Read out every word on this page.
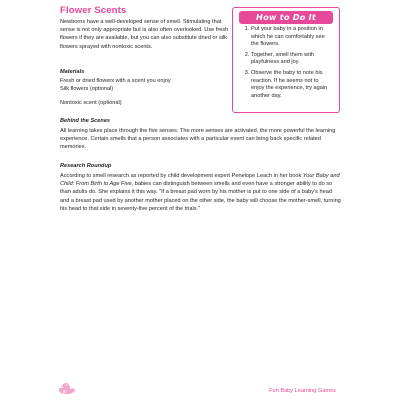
Flower Scents
Newborns have a well-developed sense of smell. Stimulating that sense is not only appropriate but is also often overlooked. Use fresh flowers if they are available, but you can also substitute dried or silk flowers sprayed with nontoxic scents.
Materials
Fresh or dried flowers with a scent you enjoy
Silk flowers (optional)
Nontoxic scent (optional)
Behind the Scenes
All learning takes place through the five senses. The more senses are activated, the more powerful the learning experience. Certain smells that a person associates with a particular event can bring back specific related memories.
Research Roundup
According to smell research as reported by child development expert Penelope Leach in her book Your Baby and Child: From Birth to Age Five, babies can distinguish between smells and even have a stronger ability to do so than adults do. She explains it this way. "If a breast pad worn by his mother is put to one side of a baby's head and a breast pad used by another mother placed on the other side, the baby will choose the mother-smell, turning his head to that side in seventy-five percent of the trials."
How to Do It
1. Put your baby in a position in which he can comfortably see the flowers.
2. Together, smell them with playfulness and joy.
3. Observe the baby to note his reaction. If he seems not to enjoy the experience, try again another day.
6	Fun Baby Learning Games
